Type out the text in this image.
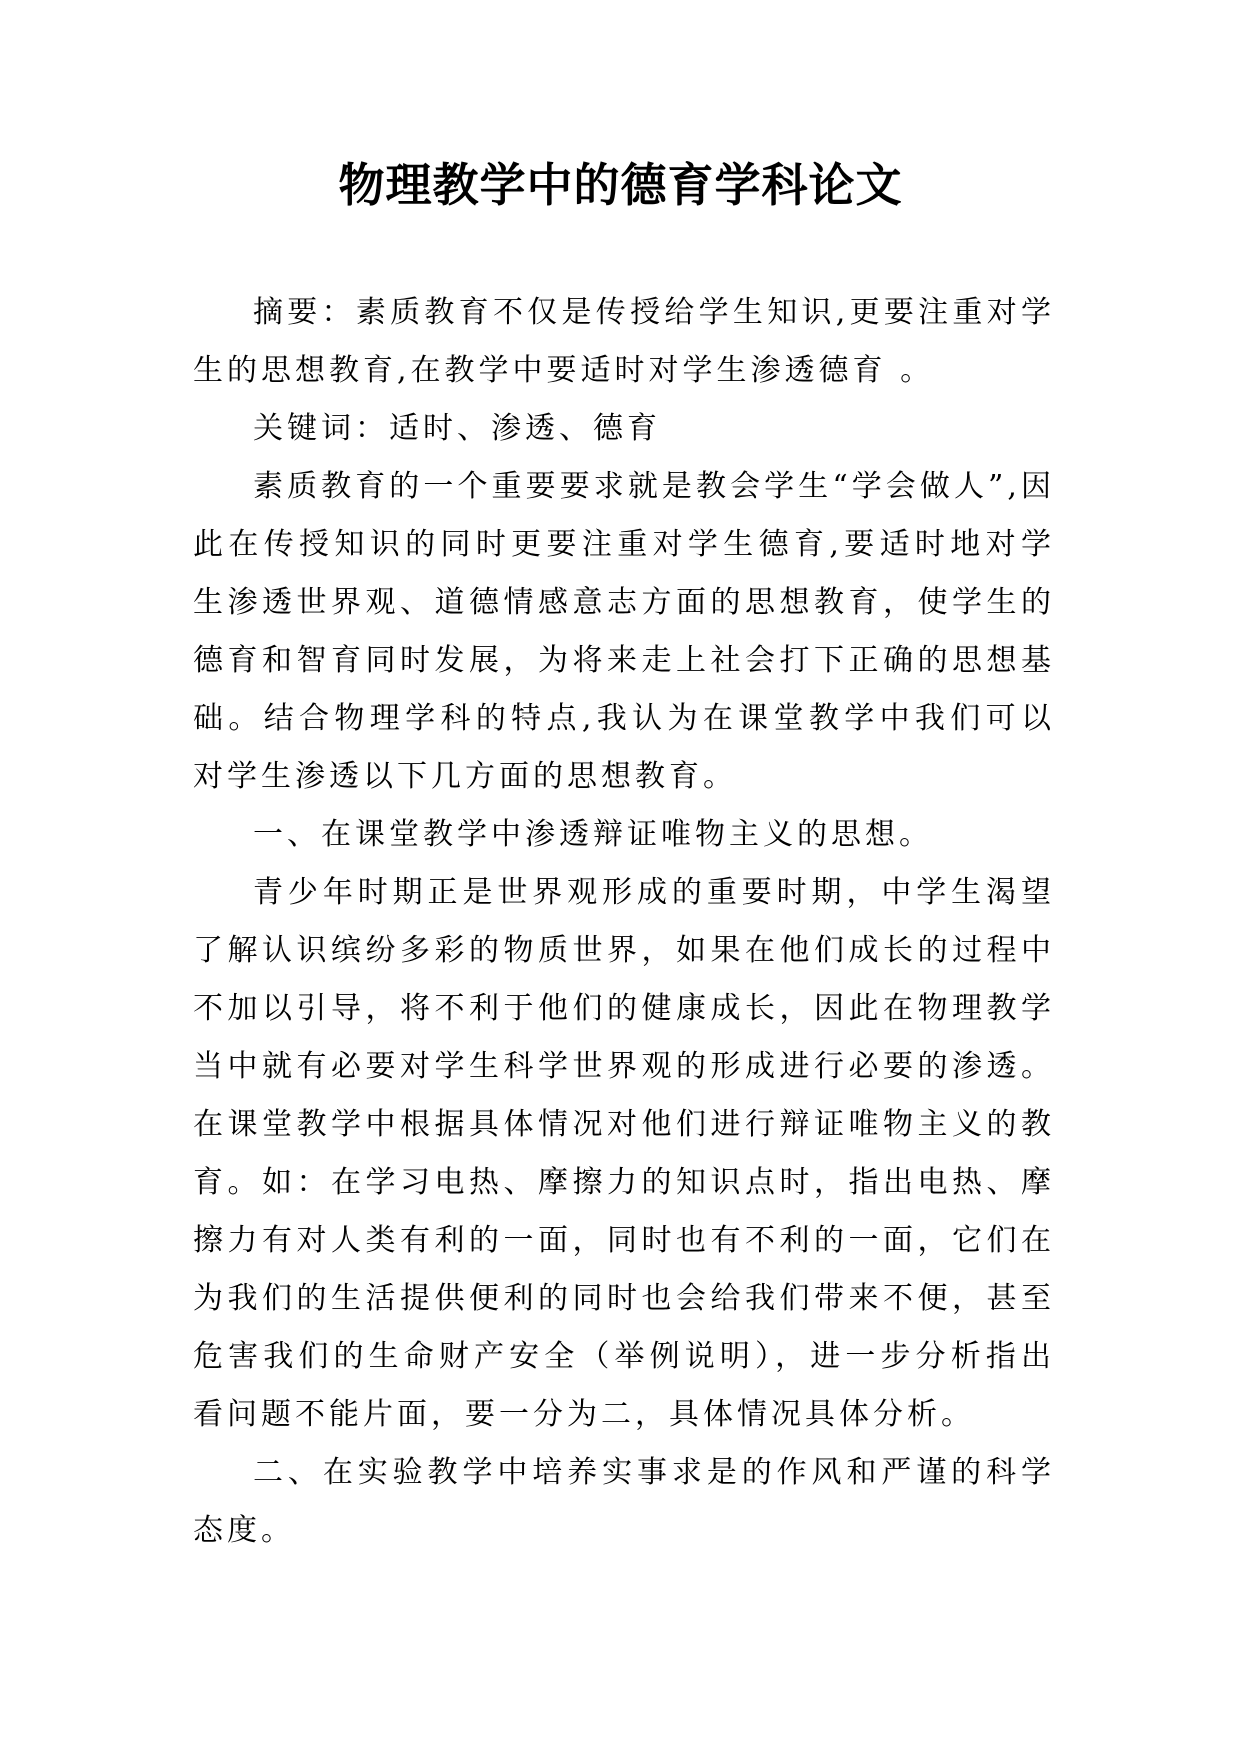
物理教学中的德育学科论文

摘要：素质教育不仅是传授给学生知识,更要注重对学生的思想教育,在教学中要适时对学生渗透德育 。

关键词：适时、渗透、德育

素质教育的一个重要要求就是教会学生“学会做人”,因此在传授知识的同时更要注重对学生德育,要适时地对学生渗透世界观、道德情感意志方面的思想教育，使学生的德育和智育同时发展，为将来走上社会打下正确的思想基础。结合物理学科的特点,我认为在课堂教学中我们可以对学生渗透以下几方面的思想教育。

一、在课堂教学中渗透辩证唯物主义的思想。

青少年时期正是世界观形成的重要时期，中学生渴望了解认识缤纷多彩的物质世界，如果在他们成长的过程中不加以引导，将不利于他们的健康成长，因此在物理教学当中就有必要对学生科学世界观的形成进行必要的渗透。在课堂教学中根据具体情况对他们进行辩证唯物主义的教育。如：在学习电热、摩擦力的知识点时，指出电热、摩擦力有对人类有利的一面，同时也有不利的一面，它们在为我们的生活提供便利的同时也会给我们带来不便，甚至危害我们的生命财产安全（举例说明），进一步分析指出看问题不能片面，要一分为二，具体情况具体分析。

二、在实验教学中培养实事求是的作风和严谨的科学态度。
